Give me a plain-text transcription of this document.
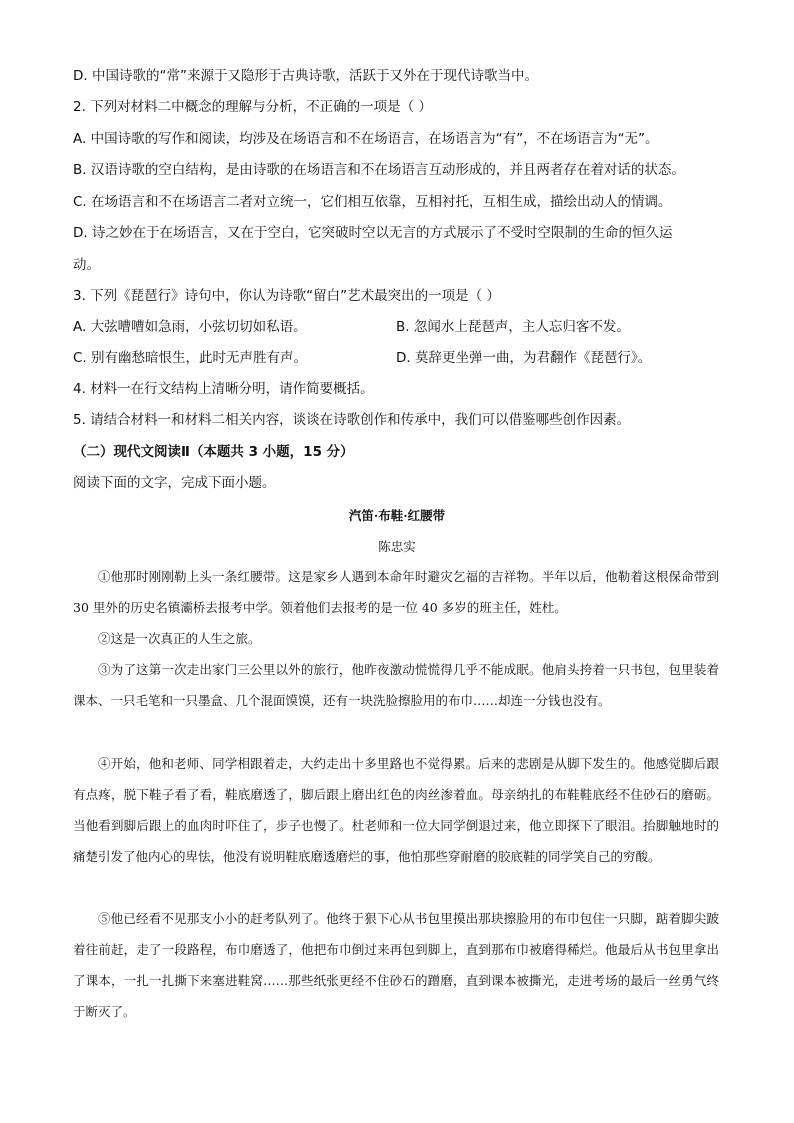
D. 中国诗歌的“常”来源于又隐形于古典诗歌，活跃于又外在于现代诗歌当中。
2. 下列对材料二中概念的理解与分析，不正确的一项是（ ）
A. 中国诗歌的写作和阅读，均涉及在场语言和不在场语言，在场语言为“有”，不在场语言为“无”。
B. 汉语诗歌的空白结构，是由诗歌的在场语言和不在场语言互动形成的，并且两者存在着对话的状态。
C. 在场语言和不在场语言二者对立统一，它们相互依靠，互相衬托，互相生成，描绘出动人的情调。
D. 诗之妙在于在场语言，又在于空白，它突破时空以无言的方式展示了不受时空限制的生命的恒久运
动。
3. 下列《琵琶行》诗句中，你认为诗歌“留白”艺术最突出的一项是（ ）
A. 大弦嘈嘈如急雨，小弦切切如私语。	B. 忽闻水上琵琶声，主人忘归客不发。
C. 别有幽愁暗恨生，此时无声胜有声。	D. 莫辞更坐弹一曲，为君翻作《琵琶行》。
4. 材料一在行文结构上清晰分明，请作简要概括。
5. 请结合材料一和材料二相关内容，谈谈在诗歌创作和传承中，我们可以借鉴哪些创作因素。
（二）现代文阅读Ⅱ（本题共 3 小题，15 分）
阅读下面的文字，完成下面小题。
汽笛·布鞋·红腰带
陈忠实

①他那时刚刚勒上头一条红腰带。这是家乡人遇到本命年时避灾乞福的吉祥物。半年以后，他勒着这根保命带到 30 里外的历史名镇灞桥去报考中学。领着他们去报考的是一位 40 多岁的班主任，姓杜。

②这是一次真正的人生之旅。

③为了这第一次走出家门三公里以外的旅行，他昨夜激动慌慌得几乎不能成眠。他肩头挎着一只书包，包里装着课本、一只毛笔和一只墨盒、几个混面馍馍，还有一块洗脸擦脸用的布巾……却连一分钱也没有。

④开始，他和老师、同学相跟着走，大约走出十多里路也不觉得累。后来的悲剧是从脚下发生的。他感觉脚后跟有点疼，脱下鞋子看了看，鞋底磨透了，脚后跟上磨出红色的肉丝渗着血。母亲纳扎的布鞋鞋底经不住砂石的磨砺。当他看到脚后跟上的血肉时吓住了，步子也慢了。杜老师和一位大同学倒退过来，他立即探下了眼泪。抬脚触地时的痛楚引发了他内心的卑怯，他没有说明鞋底磨透磨烂的事，他怕那些穿耐磨的胶底鞋的同学笑自己的穷酸。

⑤他已经看不见那支小小的赶考队列了。他终于狠下心从书包里摸出那块擦脸用的布巾包住一只脚，踮着脚尖跛着往前赶，走了一段路程，布巾磨透了，他把布巾倒过来再包到脚上，直到那布巾被磨得稀烂。他最后从书包里拿出了课本，一扎一扎撕下来塞进鞋窝……那些纸张更经不住砂石的蹭磨，直到课本被撕光，走进考场的最后一丝勇气终于断灭了。
